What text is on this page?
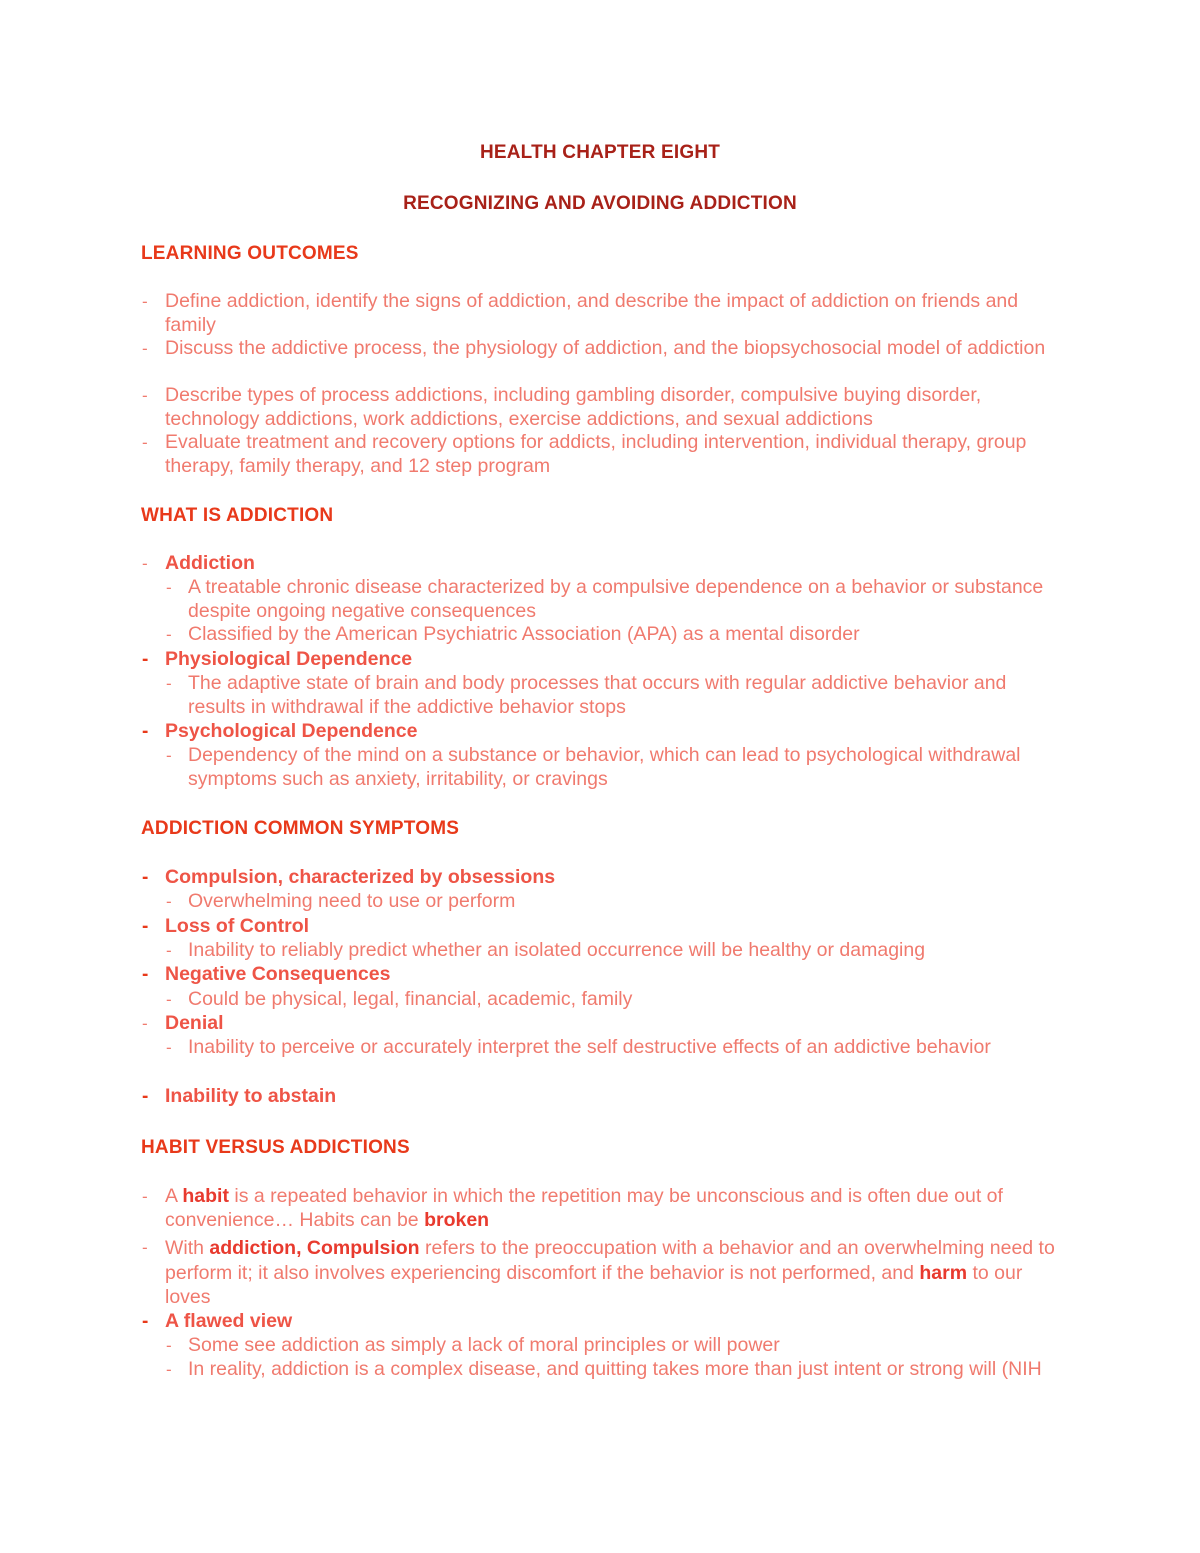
HEALTH CHAPTER EIGHT
RECOGNIZING AND AVOIDING ADDICTION
LEARNING OUTCOMES
- Define addiction, identify the signs of addiction, and describe the impact of addiction on friends and family
- Discuss the addictive process, the physiology of addiction, and the biopsychosocial model of addiction
- Describe types of process addictions, including gambling disorder, compulsive buying disorder, technology addictions, work addictions, exercise addictions, and sexual addictions
- Evaluate treatment and recovery options for addicts, including intervention, individual therapy, group therapy, family therapy, and 12 step program
WHAT IS ADDICTION
- Addiction
- A treatable chronic disease characterized by a compulsive dependence on a behavior or substance despite ongoing negative consequences
- Classified by the American Psychiatric Association (APA) as a mental disorder
- Physiological Dependence
- The adaptive state of brain and body processes that occurs with regular addictive behavior and results in withdrawal if the addictive behavior stops
- Psychological Dependence
- Dependency of the mind on a substance or behavior, which can lead to psychological withdrawal symptoms such as anxiety, irritability, or cravings
ADDICTION COMMON SYMPTOMS
- Compulsion, characterized by obsessions
- Overwhelming need to use or perform
- Loss of Control
- Inability to reliably predict whether an isolated occurrence will be healthy or damaging
- Negative Consequences
- Could be physical, legal, financial, academic, family
- Denial
- Inability to perceive or accurately interpret the self destructive effects of an addictive behavior
- Inability to abstain
HABIT VERSUS ADDICTIONS
- A habit is a repeated behavior in which the repetition may be unconscious and is often due out of convenience… Habits can be broken
- With addiction, Compulsion refers to the preoccupation with a behavior and an overwhelming need to perform it; it also involves experiencing discomfort if the behavior is not performed, and harm to our loves
- A flawed view
- Some see addiction as simply a lack of moral principles or will power
- In reality, addiction is a complex disease, and quitting takes more than just intent or strong will (NIH
